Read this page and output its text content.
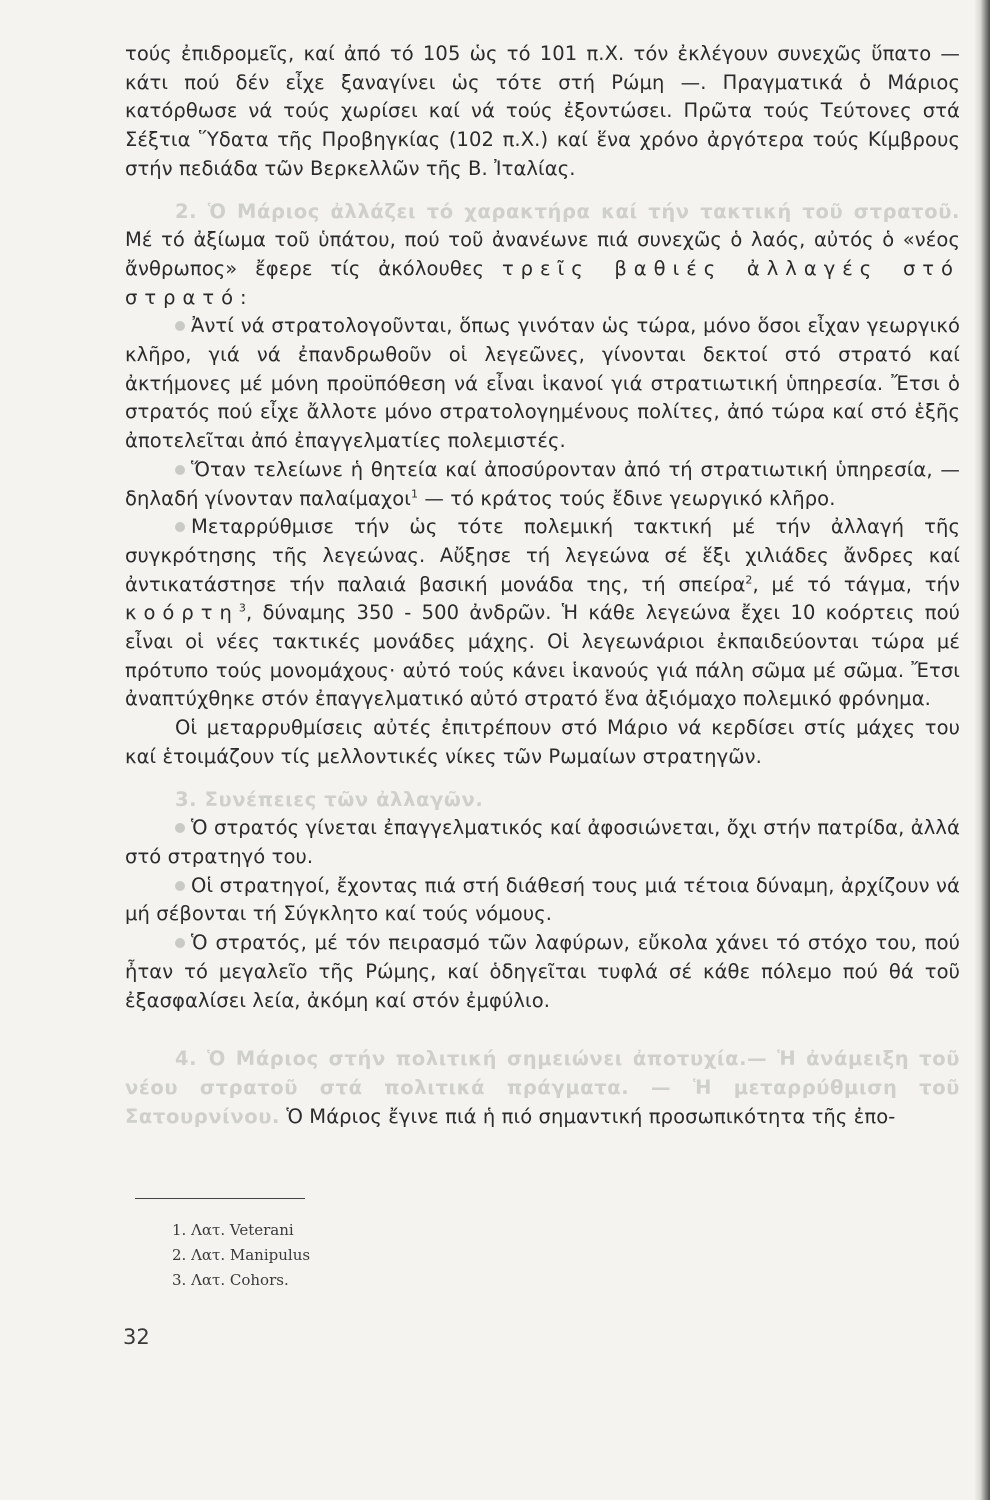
τούς ἐπιδρομεῖς, καί ἀπό τό 105 ὡς τό 101 π.Χ. τόν ἐκλέγουν συνεχῶς ὕπατο — κάτι πού δέν εἶχε ξαναγίνει ὡς τότε στή Ρώμη —. Πραγματικά ὁ Μάριος κατόρθωσε νά τούς χωρίσει καί νά τούς ἐξοντώσει. Πρῶτα τούς Τεύτονες στά Σέξτια Ὕδατα τῆς Προβηγκίας (102 π.Χ.) καί ἕνα χρόνο ἀργότερα τούς Κίμβρους στήν πεδιάδα τῶν Βερκελλῶν τῆς Β. Ἰταλίας.

2. Ὁ Μάριος ἀλλάζει τό χαρακτήρα καί τήν τακτική τοῦ στρατοῦ. Μέ τό ἀξίωμα τοῦ ὑπάτου, πού τοῦ ἀνανέωνε πιά συνεχῶς ὁ λαός, αὐτός ὁ «νέος ἄνθρωπος» ἔφερε τίς ἀκόλουθες τρεῖς βαθιές ἀλλαγές στό στρατό:

Ἀντί νά στρατολογοῦνται, ὅπως γινόταν ὡς τώρα, μόνο ὅσοι εἶχαν γεωργικό κλῆρο, γιά νά ἐπανδρωθοῦν οἱ λεγεῶνες, γίνονται δεκτοί στό στρατό καί ἀκτήμονες μέ μόνη προϋπόθεση νά εἶναι ἱκανοί γιά στρατιωτική ὑπηρεσία. Ἔτσι ὁ στρατός πού εἶχε ἄλλοτε μόνο στρατολογημένους πολίτες, ἀπό τώρα καί στό ἑξῆς ἀποτελεῖται ἀπό ἐπαγγελματίες πολεμιστές.

Ὅταν τελείωνε ἡ θητεία καί ἀποσύρονταν ἀπό τή στρατιωτική ὑπηρεσία, — δηλαδή γίνονταν παλαίμαχοι$^1$ — τό κράτος τούς ἔδινε γεωργικό κλῆρο.

Μεταρρύθμισε τήν ὡς τότε πολεμική τακτική μέ τήν ἀλλαγή τῆς συγκρότησης τῆς λεγεώνας. Αὔξησε τή λεγεώνα σέ ἕξι χιλιάδες ἄνδρες καί ἀντικατάστησε τήν παλαιά βασική μονάδα της, τή σπείρα$^2$, μέ τό τάγμα, τήν κοόρτη$^3$, δύναμης 350 - 500 ἀνδρῶν. Ἡ κάθε λεγεώνα ἔχει 10 κοόρτεις πού εἶναι οἱ νέες τακτικές μονάδες μάχης. Οἱ λεγεωνάριοι ἐκπαιδεύονται τώρα μέ πρότυπο τούς μονομάχους· αὐτό τούς κάνει ἱκανούς γιά πάλη σῶμα μέ σῶμα. Ἔτσι ἀναπτύχθηκε στόν ἐπαγγελματικό αὐτό στρατό ἕνα ἀξιόμαχο πολεμικό φρόνημα.

Οἱ μεταρρυθμίσεις αὐτές ἐπιτρέπουν στό Μάριο νά κερδίσει στίς μάχες του καί ἑτοιμάζουν τίς μελλοντικές νίκες τῶν Ρωμαίων στρατηγῶν.

3. Συνέπειες τῶν ἀλλαγῶν.

Ὁ στρατός γίνεται ἐπαγγελματικός καί ἀφοσιώνεται, ὄχι στήν πατρίδα, ἀλλά στό στρατηγό του.

Οἱ στρατηγοί, ἔχοντας πιά στή διάθεσή τους μιά τέτοια δύναμη, ἀρχίζουν νά μή σέβονται τή Σύγκλητο καί τούς νόμους.

Ὁ στρατός, μέ τόν πειρασμό τῶν λαφύρων, εὔκολα χάνει τό στόχο του, πού ἦταν τό μεγαλεῖο τῆς Ρώμης, καί ὁδηγεῖται τυφλά σέ κάθε πόλεμο πού θά τοῦ ἐξασφαλίσει λεία, ἀκόμη καί στόν ἐμφύλιο.

4. Ὁ Μάριος στήν πολιτική σημειώνει ἀποτυχία.— Ἡ ἀνάμειξη τοῦ νέου στρατοῦ στά πολιτικά πράγματα. — Ἡ μεταρρύθμιση τοῦ Σατουρνίνου. Ὁ Μάριος ἔγινε πιά ἡ πιό σημαντική προσωπικότητα τῆς ἐπο-

1. Λατ. Veterani
2. Λατ. Manipulus
3. Λατ. Cohors.
32
